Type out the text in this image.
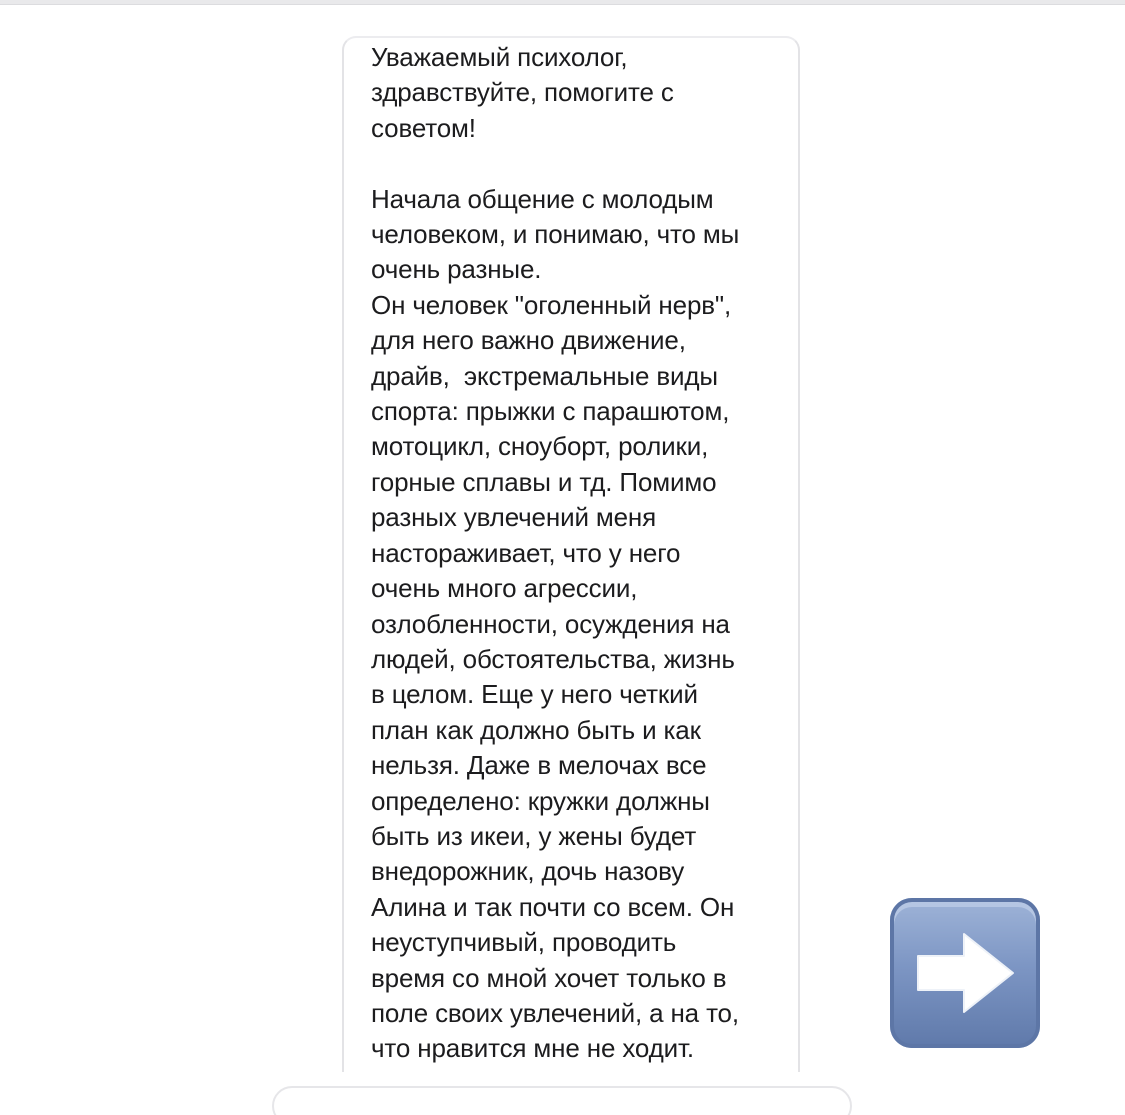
Уважаемый психолог,
здравствуйте, помогите с
советом!

Начала общение с молодым
человеком, и понимаю, что мы
очень разные.
Он человек "оголенный нерв",
для него важно движение,
драйв,  экстремальные виды
спорта: прыжки с парашютом,
мотоцикл, сноуборт, ролики,
горные сплавы и тд. Помимо
разных увлечений меня
настораживает, что у него
очень много агрессии,
озлобленности, осуждения на
людей, обстоятельства, жизнь
в целом. Еще у него четкий
план как должно быть и как
нельзя. Даже в мелочах все
определено: кружки должны
быть из икеи, у жены будет
внедорожник, дочь назову
Алина и так почти со всем. Он
неуступчивый, проводить
время со мной хочет только в
поле своих увлечений, а на то,
что нравится мне не ходит.
